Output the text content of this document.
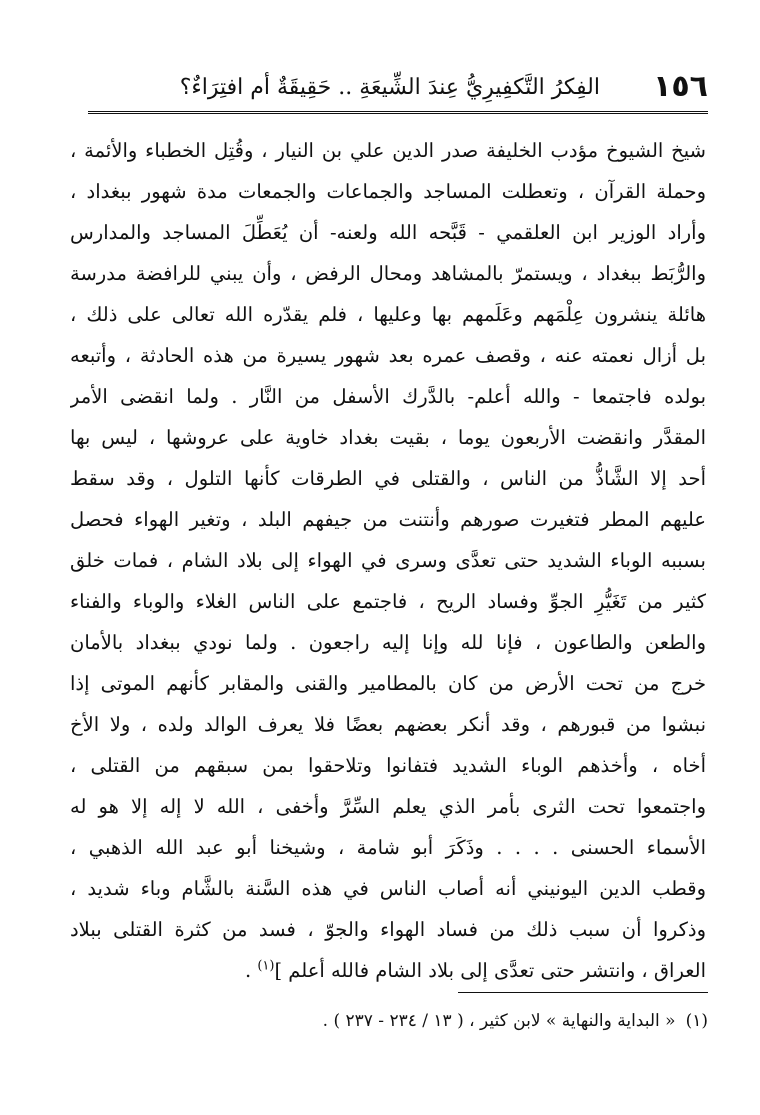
١٥٦
الفِكرُ التَّكفِيرِيُّ عِندَ الشِّيعَةِ .. حَقِيقَةٌ أم افتِرَاءٌ؟
شيخ الشيوخ مؤدب الخليفة صدر الدين علي بن النيار ، وقُتِل الخطباء والأئمة ،
وحملة القرآن ، وتعطلت المساجد والجماعات والجمعات مدة شهور ببغداد ،
وأراد الوزير ابن العلقمي - قَبَّحه الله ولعنه- أن يُعَطِّلَ المساجد والمدارس
والرُّبَط ببغداد ، ويستمرّ بالمشاهد ومحال الرفض ، وأن يبني للرافضة مدرسة
هائلة ينشرون عِلْمَهم وعَلَمهم بها وعليها ، فلم يقدّره الله تعالى على ذلك ،
بل أزال نعمته عنه ، وقصف عمره بعد شهور يسيرة من هذه الحادثة ، وأتبعه
بولده فاجتمعا - والله أعلم- بالدَّرك الأسفل من النَّار . ولما انقضى الأمر
المقدَّر وانقضت الأربعون يوما ، بقيت بغداد خاوية على عروشها ، ليس بها
أحد إلا الشَّاذُّ من الناس ، والقتلى في الطرقات كأنها التلول ، وقد سقط
عليهم المطر فتغيرت صورهم وأنتنت من جيفهم البلد ، وتغير الهواء فحصل
بسببه الوباء الشديد حتى تعدَّى وسرى في الهواء إلى بلاد الشام ، فمات خلق
كثير من تَغَيُّرِ الجوِّ وفساد الريح ، فاجتمع على الناس الغلاء والوباء والفناء
والطعن والطاعون ، فإنا لله وإنا إليه راجعون . ولما نودي ببغداد بالأمان
خرج من تحت الأرض من كان بالمطامير والقنى والمقابر كأنهم الموتى إذا
نبشوا من قبورهم ، وقد أنكر بعضهم بعضًا فلا يعرف الوالد ولده ، ولا الأخ
أخاه ، وأخذهم الوباء الشديد فتفانوا وتلاحقوا بمن سبقهم من القتلى ،
واجتمعوا تحت الثرى بأمر الذي يعلم السِّرَّ وأخفى ، الله لا إله إلا هو له
الأسماء الحسنى . . . . وذَكَرَ أبو شامة ، وشيخنا أبو عبد الله الذهبي ،
وقطب الدين اليونيني أنه أصاب الناس في هذه السَّنة بالشَّام وباء شديد ،
وذكروا أن سبب ذلك من فساد الهواء والجوّ ، فسد من كثرة القتلى ببلاد
العراق ، وانتشر حتى تعدَّى إلى بلاد الشام فالله أعلم ]$^{(١)}$ .
(١)« البداية والنهاية » لابن كثير ، ( ١٣ / ٢٣٤ - ٢٣٧ ) .
